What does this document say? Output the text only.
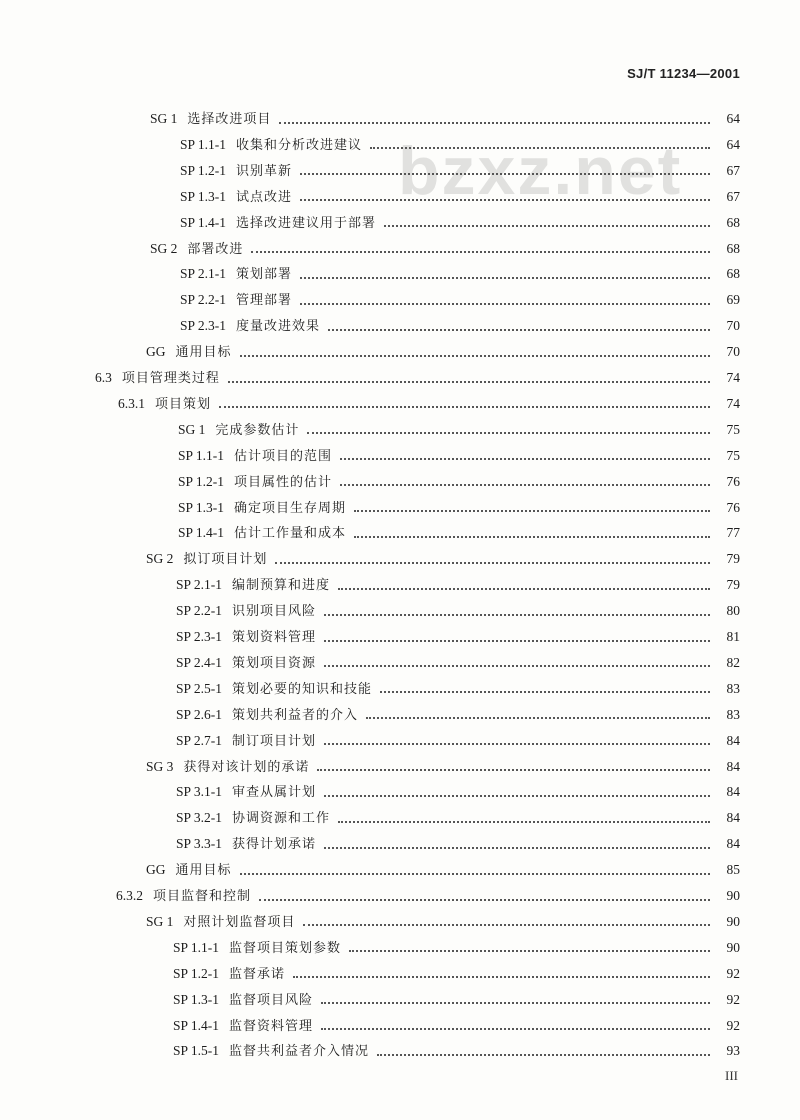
SJ/T 11234—2001
bzxz.net
SG 1 选择改进项目	64
SP 1.1-1 收集和分析改进建议	64
SP 1.2-1 识别革新	67
SP 1.3-1 试点改进	67
SP 1.4-1 选择改进建议用于部署	68
SG 2 部署改进	68
SP 2.1-1 策划部署	68
SP 2.2-1 管理部署	69
SP 2.3-1 度量改进效果	70
GG 通用目标	70
6.3 项目管理类过程	74
6.3.1 项目策划	74
SG 1 完成参数估计	75
SP 1.1-1 估计项目的范围	75
SP 1.2-1 项目属性的估计	76
SP 1.3-1 确定项目生存周期	76
SP 1.4-1 估计工作量和成本	77
SG 2 拟订项目计划	79
SP 2.1-1 编制预算和进度	79
SP 2.2-1 识别项目风险	80
SP 2.3-1 策划资料管理	81
SP 2.4-1 策划项目资源	82
SP 2.5-1 策划必要的知识和技能	83
SP 2.6-1 策划共利益者的介入	83
SP 2.7-1 制订项目计划	84
SG 3 获得对该计划的承诺	84
SP 3.1-1 审查从属计划	84
SP 3.2-1 协调资源和工作	84
SP 3.3-1 获得计划承诺	84
GG 通用目标	85
6.3.2 项目监督和控制	90
SG 1 对照计划监督项目	90
SP 1.1-1 监督项目策划参数	90
SP 1.2-1 监督承诺	92
SP 1.3-1 监督项目风险	92
SP 1.4-1 监督资料管理	92
SP 1.5-1 监督共利益者介入情况	93
III
